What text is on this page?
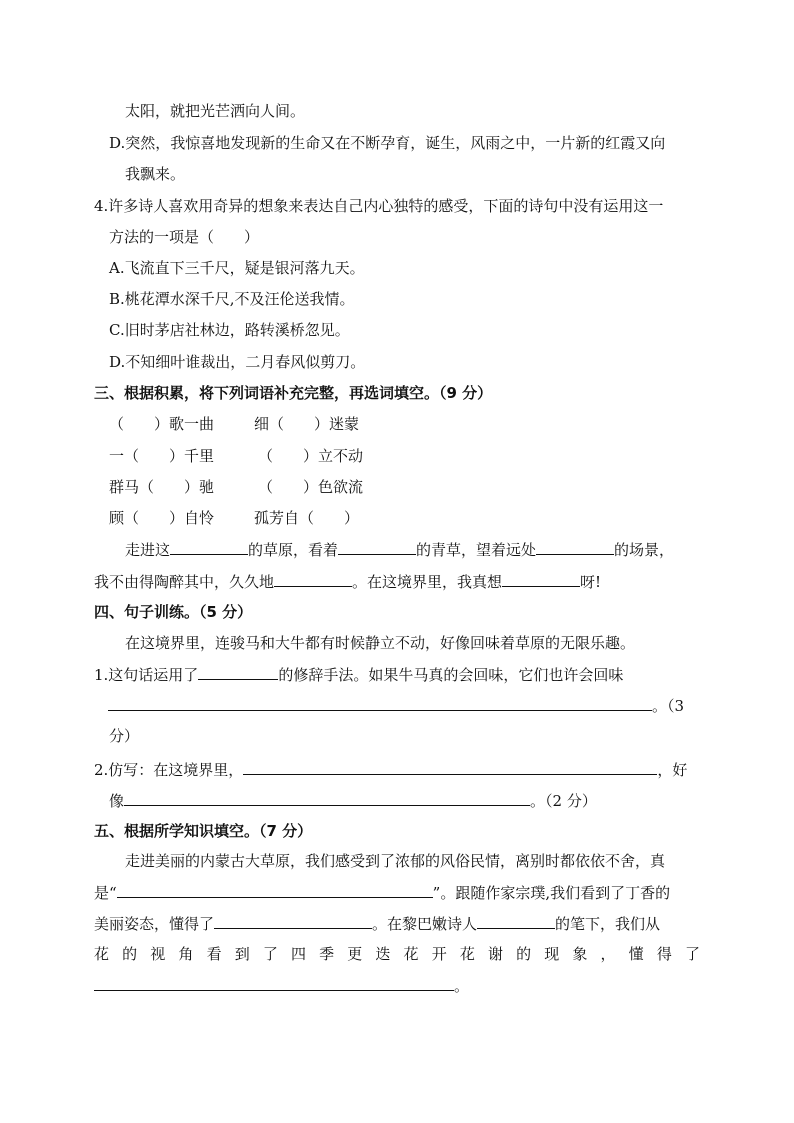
太阳，就把光芒洒向人间。
D.突然，我惊喜地发现新的生命又在不断孕育，诞生，风雨之中，一片新的红霞又向
我飘来。
4.许多诗人喜欢用奇异的想象来表达自己内心独特的感受，下面的诗句中没有运用这一
方法的一项是（　　）
A.飞流直下三千尺，疑是银河落九天。
B.桃花潭水深千尺,不及汪伦送我情。
C.旧时茅店社林边，路转溪桥忽见。
D.不知细叶谁裁出，二月春风似剪刀。
三、根据积累，将下列词语补充完整，再选词填空。（9 分）
（　　）歌一曲	细（　　）迷蒙
一（　　）千里	（　　）立不动
群马（　　）驰	（　　）色欲流
顾（　　）自怜	孤芳自（　　）
走进这	的草原，看着	的青草，望着远处	的场景，
我不由得陶醉其中，久久地	。在这境界里，我真想	呀!
四、句子训练。（5 分）
在这境界里，连骏马和大牛都有时候静立不动，好像回味着草原的无限乐趣。
1.这句话运用了	的修辞手法。如果牛马真的会回味，它们也许会回味
。（3
分）
2.仿写：在这境界里，	，好
像	。（2 分）
五、根据所学知识填空。（7 分）
走进美丽的内蒙古大草原，我们感受到了浓郁的风俗民情，离别时都依依不舍，真
是“	”。跟随作家宗璞,我们看到了丁香的
美丽姿态，懂得了	。在黎巴嫩诗人	的笔下，我们从
花 的 视 角 看 到 了 四 季 更 迭 花 开 花 谢 的 现 象 ， 懂 得 了
。
